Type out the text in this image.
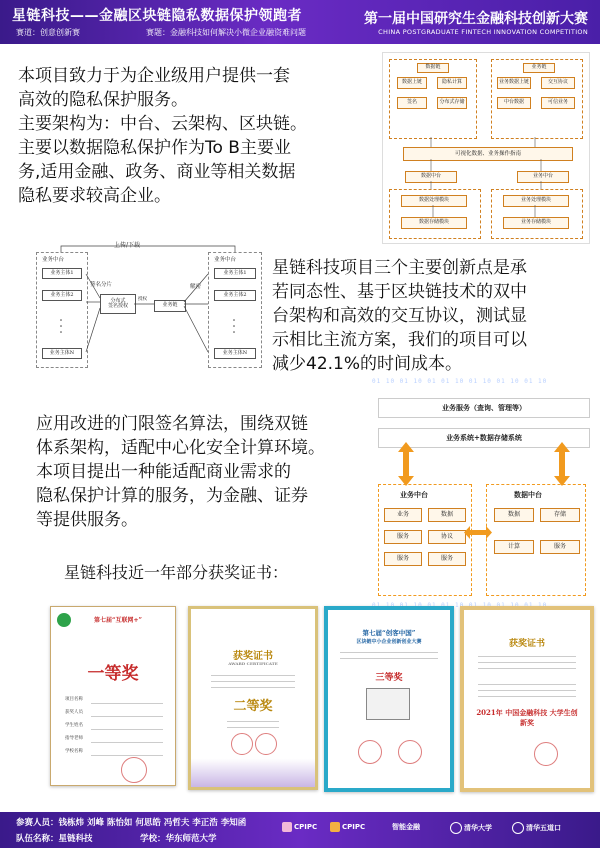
星链科技——金融区块链隐私数据保护领跑者
赛道：创意创新赛	赛题：金融科技如何解决小微企业融资难问题
第一届中国研究生金融科技创新大赛
CHINA POSTGRADUATE FINTECH INNOVATION COMPETITION
本项目致力于为企业级用户提供一套
高效的隐私保护服务。
主要架构为：中台、云架构、区块链。
主要以数据隐私保护作为To B主要业
务,适用金融、政务、商业等相关数据
隐私要求较高企业。
数据链	业务链
数据上链	隐私计算
签名	分布式存储
业务数据上链	交互协议
中台数据	可信业务
可视化数据、业务操作指南
数据中台	业务中台
数据处理模块	业务处理模块
数据存储模块	业务存储模块
业务中台
业务主体1
业务主体2
业务主体N
上传/下载
签名分片
分布式
签名授权
授权
业务链
解密
业务中台
业务主体1
业务主体2
业务主体N
星链科技项目三个主要创新点是承
若同态性、基于区块链技术的双中
台架构和高效的交互协议，测试显
示相比主流方案，我们的项目可以
减少42.1%的时间成本。
01 10 01 10 01 01 10 01 10 01 10 01 10
应用改进的门限签名算法，围绕双链
体系架构，适配中心化安全计算环境。
本项目提出一种能适配商业需求的
隐私保护计算的服务，为金融、证券
等提供服务。
业务服务（查询、管理等）
业务系统+数据存储系统
业务中台	数据中台
业务	数据
服务	协议
服务	服务
数据	存储
计算	服务
星链科技近一年部分获奖证书：
第七届“互联网+”
一等奖
项目名称
获奖人员
学生姓名
指导老师
学校名称
获奖证书
AWARD CERTIFICATE
二等奖
第七届“创客中国”
区块链中小企业创新创业大赛
三等奖
获奖证书
2021年 中国金融科技 大学生创新奖
参赛人员：钱栋炜 刘峰 陈怡如 何思皓 冯哲夫 李正浩 李知函
队伍名称：星链科技	学校：华东师范大学
CPIPC	CPIPC	智能金融	清华大学	清华五道口
